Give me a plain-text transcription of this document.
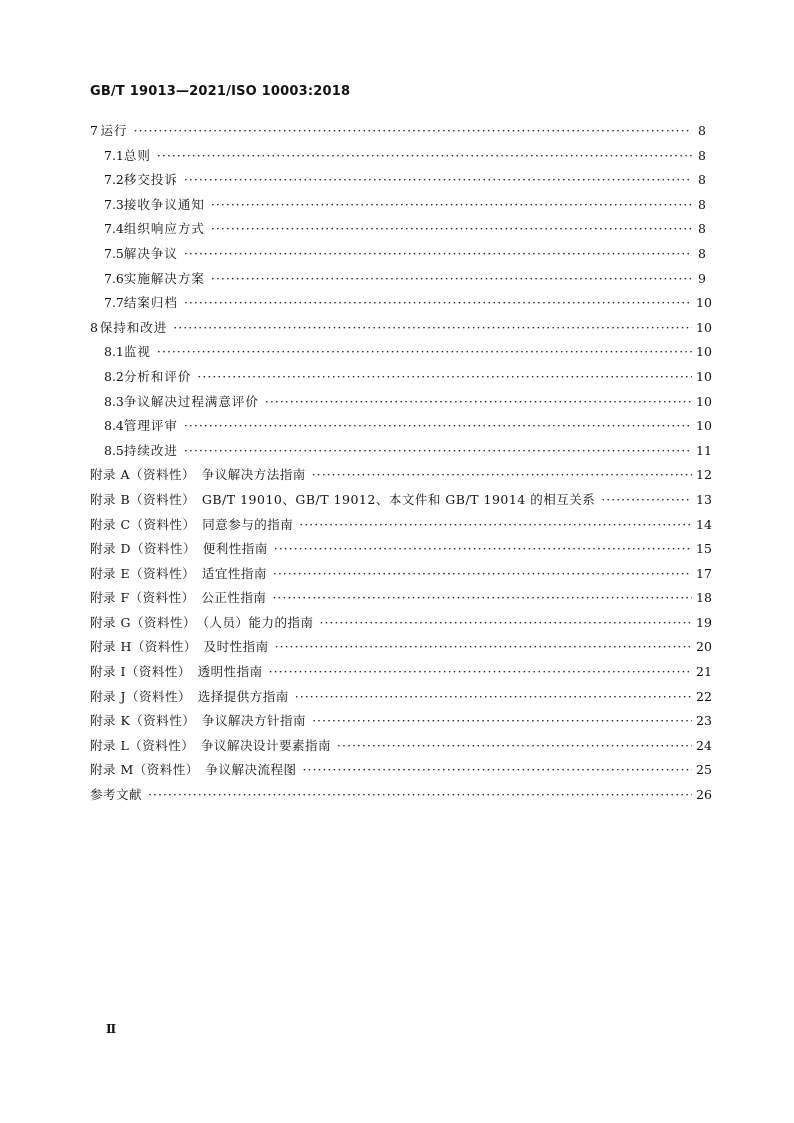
GB/T 19013—2021/ISO 10003:2018
7 运行 ·····	8
7.1 总则 ·····	8
7.2 移交投诉 ·····	8
7.3 接收争议通知 ·····	8
7.4 组织响应方式 ·····	8
7.5 解决争议 ·····	8
7.6 实施解决方案 ·····	9
7.7 结案归档 ·····	10
8 保持和改进 ·····	10
8.1 监视 ·····	10
8.2 分析和评价 ·····	10
8.3 争议解决过程满意评价 ·····	10
8.4 管理评审 ·····	10
8.5 持续改进 ·····	11
附录 A（资料性）　争议解决方法指南 ·····	12
附录 B（资料性）　GB/T 19010、GB/T 19012、本文件和 GB/T 19014 的相互关系 ·····	13
附录 C（资料性）　同意参与的指南 ·····	14
附录 D（资料性）　便利性指南 ·····	15
附录 E（资料性）　适宜性指南 ·····	17
附录 F（资料性）　公正性指南 ·····	18
附录 G（资料性）　（人员）能力的指南 ·····	19
附录 H（资料性）　及时性指南 ·····	20
附录 I（资料性）　透明性指南 ·····	21
附录 J（资料性）　选择提供方指南 ·····	22
附录 K（资料性）　争议解决方针指南 ·····	23
附录 L（资料性）　争议解决设计要素指南 ·····	24
附录 M（资料性）　争议解决流程图 ·····	25
参考文献 ·····	26
Ⅱ
